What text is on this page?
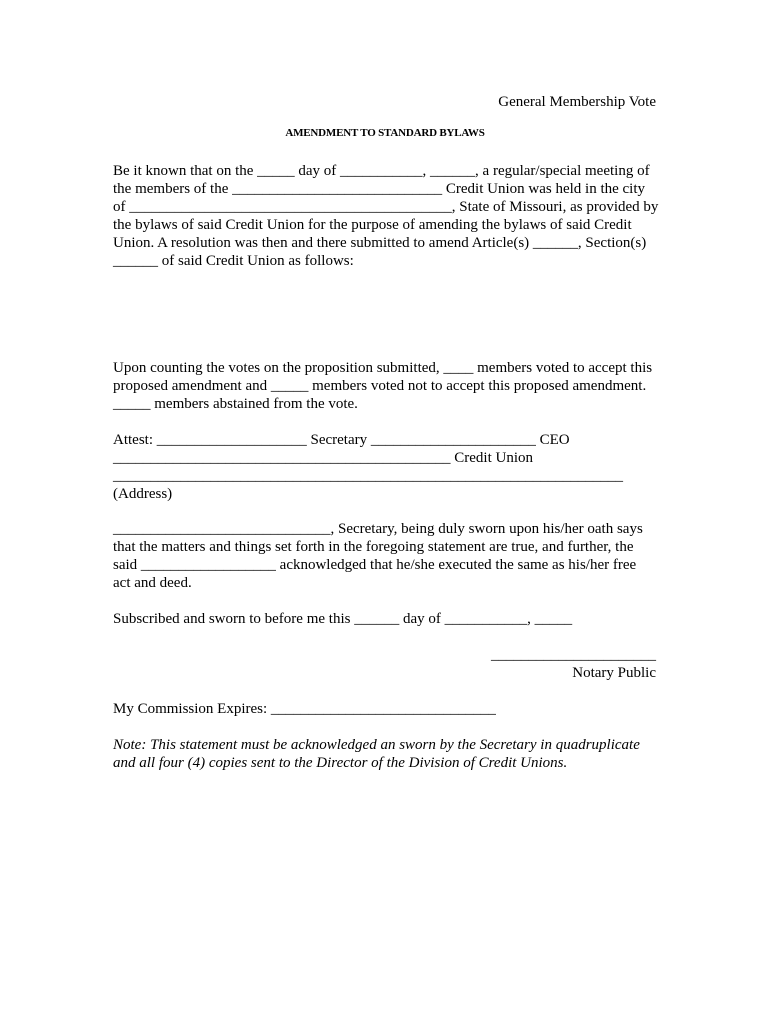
General Membership Vote
AMENDMENT TO STANDARD BYLAWS
Be it known that on the _____ day of ___________, ______, a regular/special meeting of
the members of the ____________________________ Credit Union was held in the city
of ___________________________________________, State of Missouri, as provided by
the bylaws of said Credit Union for the purpose of amending the bylaws of said Credit
Union. A resolution was then and there submitted to amend Article(s) ______, Section(s)
______ of said Credit Union as follows:
Upon counting the votes on the proposition submitted, ____ members voted to accept this
proposed amendment and _____ members voted not to accept this proposed amendment.
_____ members abstained from the vote.
Attest: ____________________ Secretary ______________________ CEO
_____________________________________________ Credit Union
____________________________________________________________________
(Address)
_____________________________, Secretary, being duly sworn upon his/her oath says
that the matters and things set forth in the foregoing statement are true, and further, the
said __________________ acknowledged that he/she executed the same as his/her free
act and deed.
Subscribed and sworn to before me this ______ day of ___________, _____
______________________
Notary Public
My Commission Expires: ______________________________
Note: This statement must be acknowledged an sworn by the Secretary in quadruplicate
and all four (4) copies sent to the Director of the Division of Credit Unions.
